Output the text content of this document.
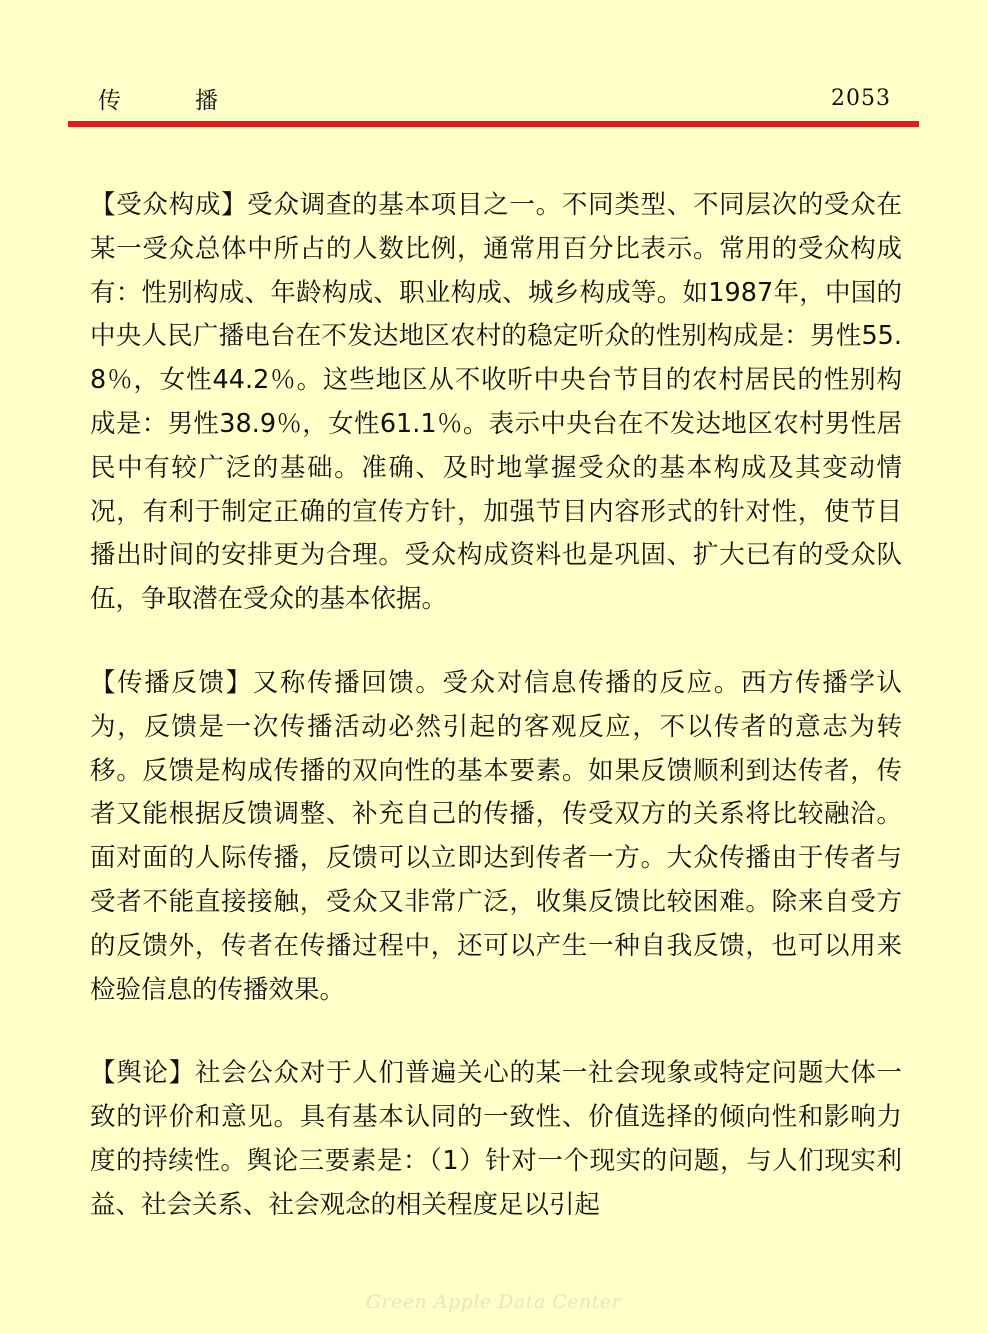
传播	2053

【受众构成】受众调查的基本项目之一。不同类型、不同层次的受众在某一受众总体中所占的人数比例，通常用百分比表示。常用的受众构成有：性别构成、年龄构成、职业构成、城乡构成等。如1987年，中国的中央人民广播电台在不发达地区农村的稳定听众的性别构成是：男性55.8％，女性44.2％。这些地区从不收听中央台节目的农村居民的性别构成是：男性38.9％，女性61.1％。表示中央台在不发达地区农村男性居民中有较广泛的基础。准确、及时地掌握受众的基本构成及其变动情况，有利于制定正确的宣传方针，加强节目内容形式的针对性，使节目播出时间的安排更为合理。受众构成资料也是巩固、扩大已有的受众队伍，争取潜在受众的基本依据。

【传播反馈】又称传播回馈。受众对信息传播的反应。西方传播学认为，反馈是一次传播活动必然引起的客观反应，不以传者的意志为转移。反馈是构成传播的双向性的基本要素。如果反馈顺利到达传者，传者又能根据反馈调整、补充自己的传播，传受双方的关系将比较融洽。面对面的人际传播，反馈可以立即达到传者一方。大众传播由于传者与受者不能直接接触，受众又非常广泛，收集反馈比较困难。除来自受方的反馈外，传者在传播过程中，还可以产生一种自我反馈，也可以用来检验信息的传播效果。

【舆论】社会公众对于人们普遍关心的某一社会现象或特定问题大体一致的评价和意见。具有基本认同的一致性、价值选择的倾向性和影响力度的持续性。舆论三要素是：（1）针对一个现实的问题，与人们现实利益、社会关系、社会观念的相关程度足以引起

Green Apple Data Center
